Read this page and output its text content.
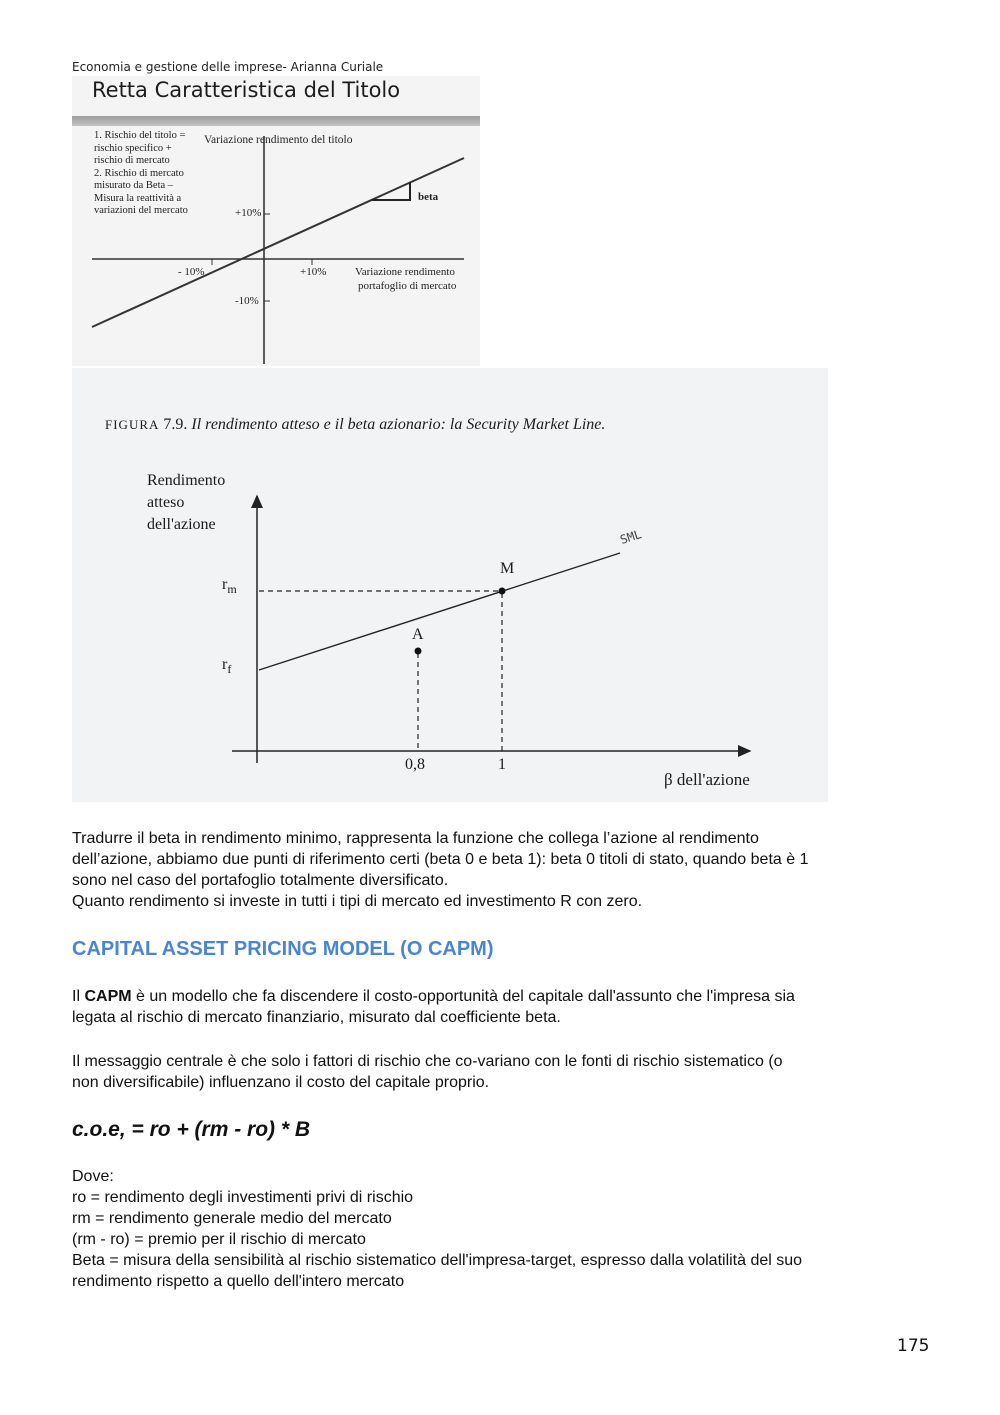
Economia e gestione delle imprese- Arianna Curiale
Retta Caratteristica del Titolo
1. Rischio del titolo =
rischio specifico +
rischio di mercato
2. Rischio di mercato
misurato da Beta –
Misura la reattività a
variazioni del mercato
Variazione rendimento del titolo
beta
+10%
-10%
- 10%	+10%	Variazione rendimento
portafoglio di mercato
FIGURA 7.9. Il rendimento atteso e il beta azionario: la Security Market Line.
Rendimento
atteso
dell'azione
$r_m$
$r_f$
M
A
SML
0,8	1
β dell'azione
Tradurre il beta in rendimento minimo, rappresenta la funzione che collega l’azione al rendimento
dell’azione, abbiamo due punti di riferimento certi (beta 0 e beta 1): beta 0 titoli di stato, quando beta è 1
sono nel caso del portafoglio totalmente diversificato.
Quanto rendimento si investe in tutti i tipi di mercato ed investimento R con zero.
CAPITAL ASSET PRICING MODEL (O CAPM)
Il CAPM è un modello che fa discendere il costo-opportunità del capitale dall'assunto che l'impresa sia
legata al rischio di mercato finanziario, misurato dal coefficiente beta.
Il messaggio centrale è che solo i fattori di rischio che co-variano con le fonti di rischio sistematico (o
non diversificabile) influenzano il costo del capitale proprio.
c.o.e, = ro + (rm - ro) * B
Dove:
ro = rendimento degli investimenti privi di rischio
rm = rendimento generale medio del mercato
(rm - ro) = premio per il rischio di mercato
Beta = misura della sensibilità al rischio sistematico dell'impresa-target, espresso dalla volatilità del suo
rendimento rispetto a quello dell'intero mercato
175
